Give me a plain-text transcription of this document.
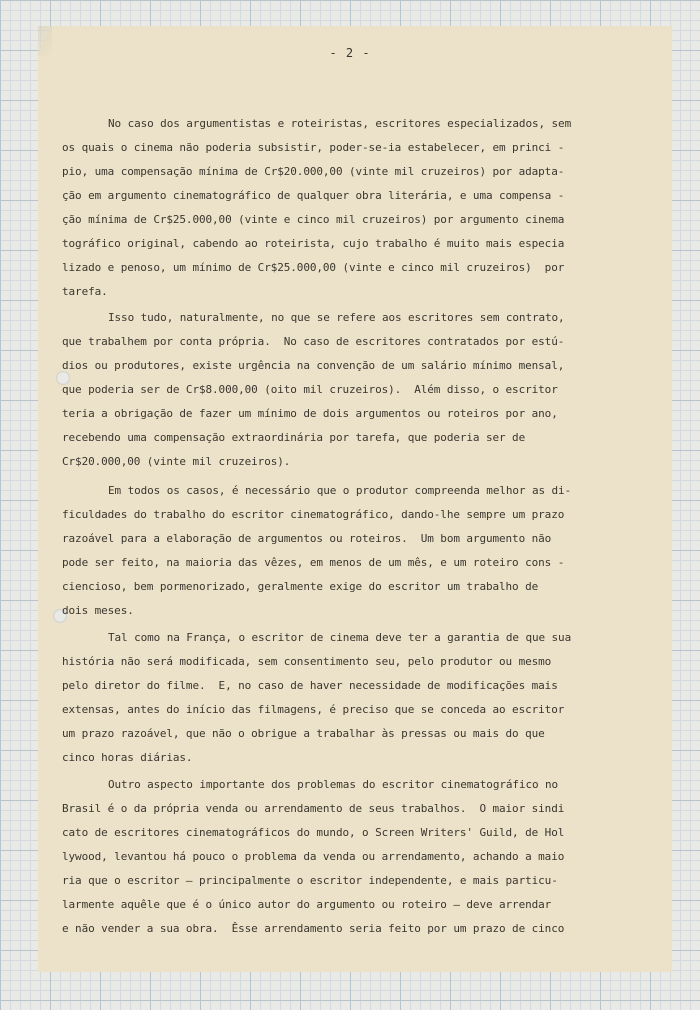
- 2 -
No caso dos argumentistas e roteiristas, escritores especializados, sem
os quais o cinema não poderia subsistir, poder-se-ia estabelecer, em princi -
pio, uma compensação mínima de Cr$20.000,00 (vinte mil cruzeiros) por adapta-
ção em argumento cinematográfico de qualquer obra literária, e uma compensa -
ção mínima de Cr$25.000,00 (vinte e cinco mil cruzeiros) por argumento cinema
tográfico original, cabendo ao roteirista, cujo trabalho é muito mais especia
lizado e penoso, um mínimo de Cr$25.000,00 (vinte e cinco mil cruzeiros)  por
tarefa.
Isso tudo, naturalmente, no que se refere aos escritores sem contrato,
que trabalhem por conta própria.  No caso de escritores contratados por estú-
dios ou produtores, existe urgência na convenção de um salário mínimo mensal,
que poderia ser de Cr$8.000,00 (oito mil cruzeiros).  Além disso, o escritor
teria a obrigação de fazer um mínimo de dois argumentos ou roteiros por ano,
recebendo uma compensação extraordinária por tarefa, que poderia ser de
Cr$20.000,00 (vinte mil cruzeiros).
Em todos os casos, é necessário que o produtor compreenda melhor as di-
ficuldades do trabalho do escritor cinematográfico, dando-lhe sempre um prazo
razoável para a elaboração de argumentos ou roteiros.  Um bom argumento não
pode ser feito, na maioria das vêzes, em menos de um mês, e um roteiro cons -
ciencioso, bem pormenorizado, geralmente exige do escritor um trabalho de
dois meses.
Tal como na França, o escritor de cinema deve ter a garantia de que sua
história não será modificada, sem consentimento seu, pelo produtor ou mesmo
pelo diretor do filme.  E, no caso de haver necessidade de modificações mais
extensas, antes do início das filmagens, é preciso que se conceda ao escritor
um prazo razoável, que não o obrigue a trabalhar às pressas ou mais do que
cinco horas diárias.
Outro aspecto importante dos problemas do escritor cinematográfico no
Brasil é o da própria venda ou arrendamento de seus trabalhos.  O maior sindi
cato de escritores cinematográficos do mundo, o Screen Writers' Guild, de Hol
lywood, levantou há pouco o problema da venda ou arrendamento, achando a maio
ria que o escritor — principalmente o escritor independente, e mais particu-
larmente aquêle que é o único autor do argumento ou roteiro — deve arrendar
e não vender a sua obra.  Êsse arrendamento seria feito por um prazo de cinco
